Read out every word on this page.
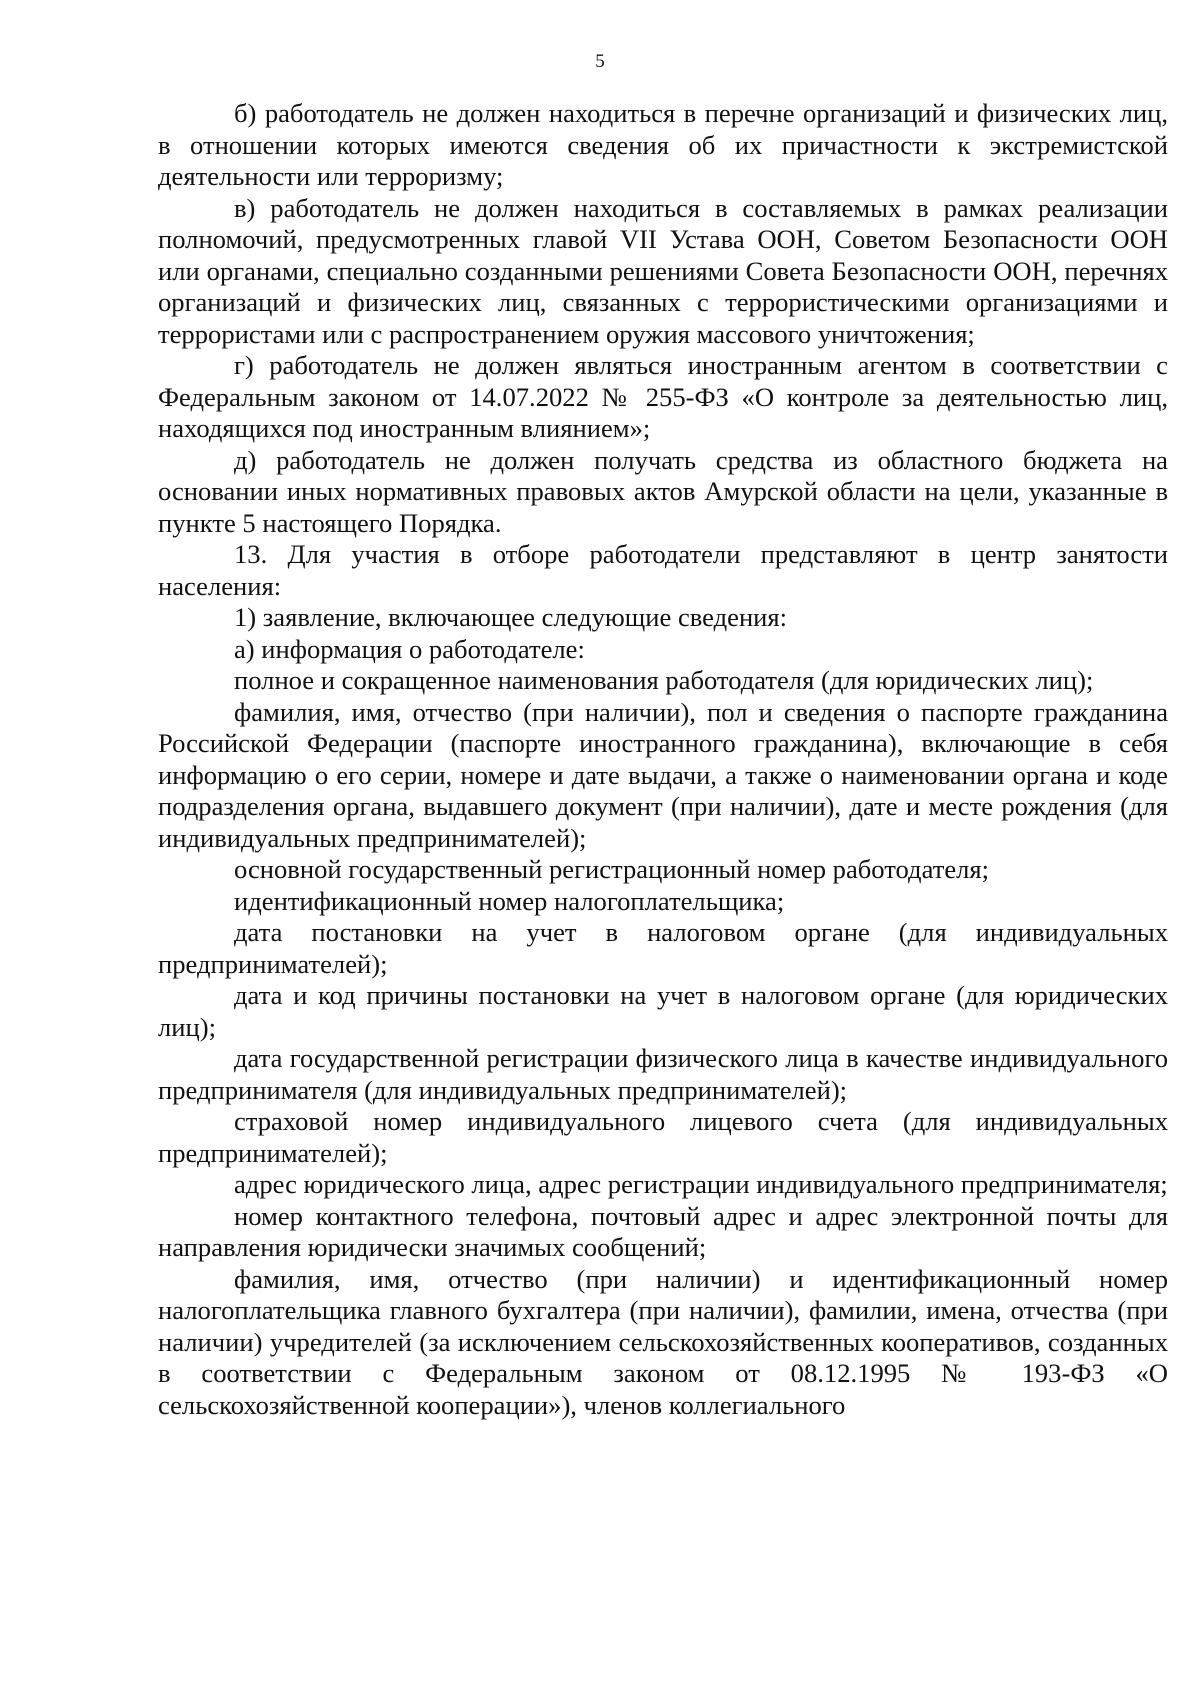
5

б) работодатель не должен находиться в перечне организаций и физических лиц, в отношении которых имеются сведения об их причастности к экстремистской деятельности или терроризму;

в) работодатель не должен находиться в составляемых в рамках реализации полномочий, предусмотренных главой VII Устава ООН, Советом Безопасности ООН или органами, специально созданными решениями Совета Безопасности ООН, перечнях организаций и физических лиц, связанных с террористическими организациями и террористами или с распространением оружия массового уничтожения;

г) работодатель не должен являться иностранным агентом в соответствии с Федеральным законом от 14.07.2022 № 255-ФЗ «О контроле за деятельностью лиц, находящихся под иностранным влиянием»;

д) работодатель не должен получать средства из областного бюджета на основании иных нормативных правовых актов Амурской области на цели, указанные в пункте 5 настоящего Порядка.

13. Для участия в отборе работодатели представляют в центр занятости населения:

1) заявление, включающее следующие сведения:

а) информация о работодателе:

полное и сокращенное наименования работодателя (для юридических лиц);

фамилия, имя, отчество (при наличии), пол и сведения о паспорте гражданина Российской Федерации (паспорте иностранного гражданина), включающие в себя информацию о его серии, номере и дате выдачи, а также о наименовании органа и коде подразделения органа, выдавшего документ (при наличии), дате и месте рождения (для индивидуальных предпринимателей);

основной государственный регистрационный номер работодателя;

идентификационный номер налогоплательщика;

дата постановки на учет в налоговом органе (для индивидуальных предпринимателей);

дата и код причины постановки на учет в налоговом органе (для юридических лиц);

дата государственной регистрации физического лица в качестве индивидуального предпринимателя (для индивидуальных предпринимателей);

страховой номер индивидуального лицевого счета (для индивидуальных предпринимателей);

адрес юридического лица, адрес регистрации индивидуального предпринимателя;

номер контактного телефона, почтовый адрес и адрес электронной почты для направления юридически значимых сообщений;

фамилия, имя, отчество (при наличии) и идентификационный номер налогоплательщика главного бухгалтера (при наличии), фамилии, имена, отчества (при наличии) учредителей (за исключением сельскохозяйственных кооперативов, созданных в соответствии с Федеральным законом от 08.12.1995 № 193-ФЗ «О сельскохозяйственной кооперации»), членов коллегиального
